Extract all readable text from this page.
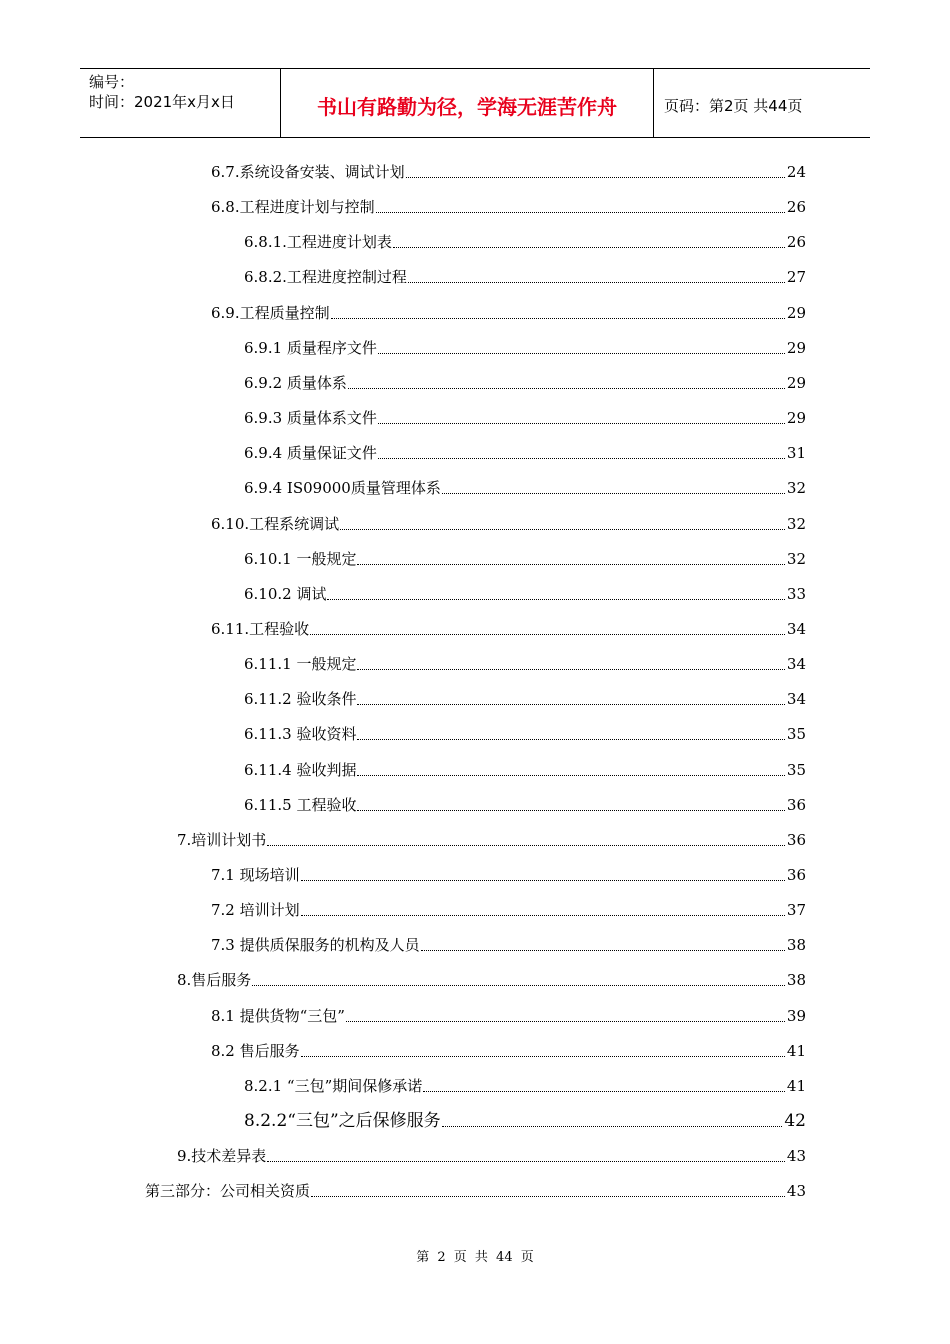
编号：
时间：2021年x月x日	书山有路勤为径，学海无涯苦作舟	页码：第2页 共44页
6.7.系统设备安装、调试计划	24
6.8.工程进度计划与控制	26
6.8.1.工程进度计划表	26
6.8.2.工程进度控制过程	27
6.9.工程质量控制	29
6.9.1 质量程序文件	29
6.9.2 质量体系	29
6.9.3 质量体系文件	29
6.9.4 质量保证文件	31
6.9.4 IS09000质量管理体系	32
6.10.工程系统调试	32
6.10.1 一般规定	32
6.10.2 调试	33
6.11.工程验收	34
6.11.1 一般规定	34
6.11.2 验收条件	34
6.11.3 验收资料	35
6.11.4 验收判据	35
6.11.5 工程验收	36
7.培训计划书	36
7.1 现场培训	36
7.2 培训计划	37
7.3 提供质保服务的机构及人员	38
8.售后服务	38
8.1 提供货物“三包”	39
8.2 售后服务	41
8.2.1 “三包”期间保修承诺	41
8.2.2“三包”之后保修服务	42
9.技术差异表	43
第三部分：公司相关资质	43
第 2 页 共 44 页
